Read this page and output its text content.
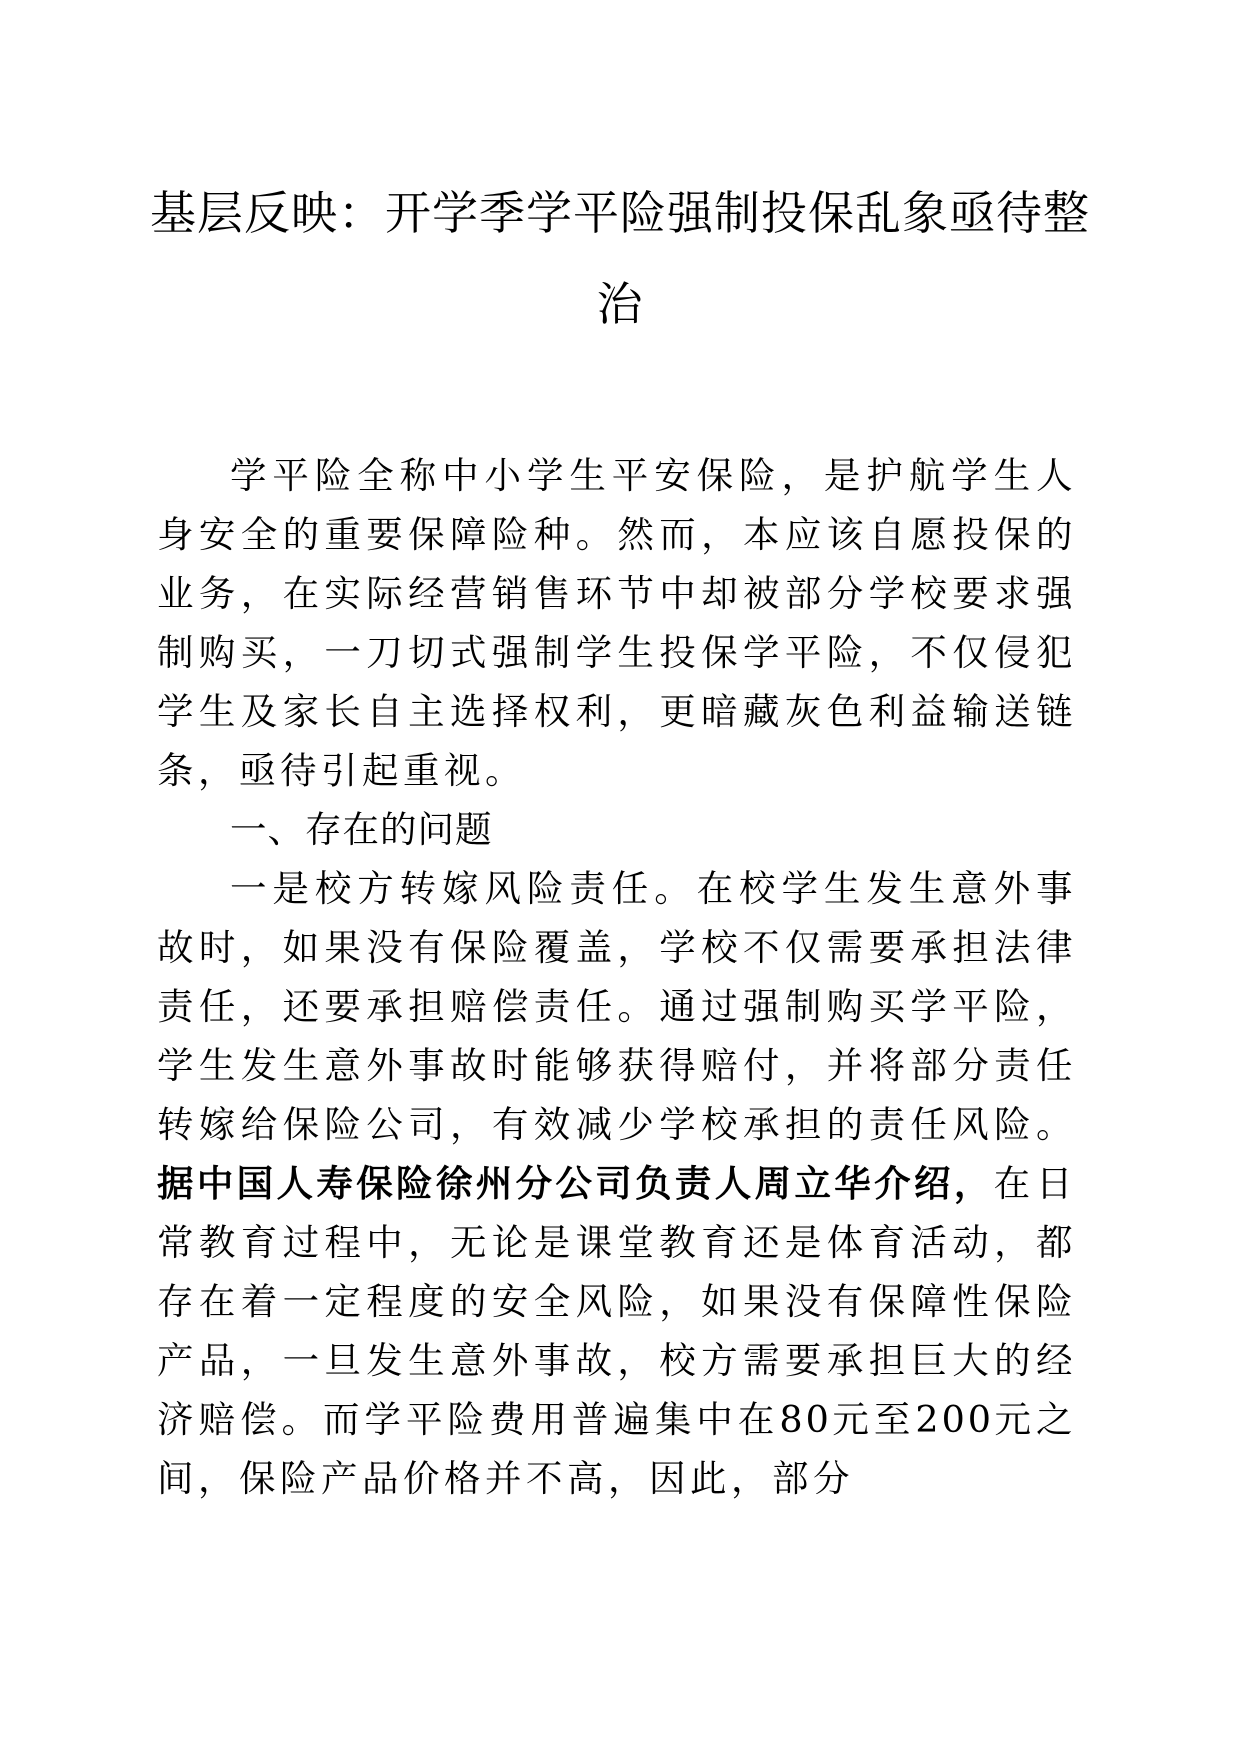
基层反映：开学季学平险强制投保乱象亟待整治

学平险全称中小学生平安保险，是护航学生人身安全的重要保障险种。然而，本应该自愿投保的业务，在实际经营销售环节中却被部分学校要求强制购买，一刀切式强制学生投保学平险，不仅侵犯学生及家长自主选择权利，更暗藏灰色利益输送链条，亟待引起重视。

一、存在的问题

一是校方转嫁风险责任。在校学生发生意外事故时，如果没有保险覆盖，学校不仅需要承担法律责任，还要承担赔偿责任。通过强制购买学平险，学生发生意外事故时能够获得赔付，并将部分责任转嫁给保险公司，有效减少学校承担的责任风险。据中国人寿保险徐州分公司负责人周立华介绍，在日常教育过程中，无论是课堂教育还是体育活动，都存在着一定程度的安全风险，如果没有保障性保险产品，一旦发生意外事故，校方需要承担巨大的经济赔偿。而学平险费用普遍集中在80元至200元之间，保险产品价格并不高，因此，部分
